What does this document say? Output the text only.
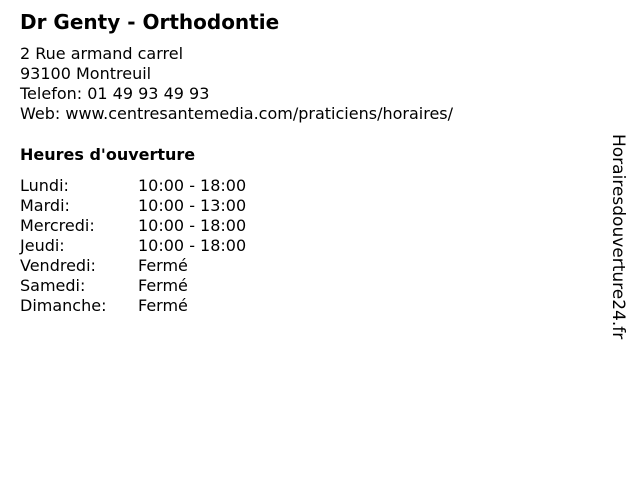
Dr Genty - Orthodontie
2 Rue armand carrel
93100 Montreuil
Telefon: 01 49 93 49 93
Web: www.centresantemedia.com/praticiens/horaires/
Heures d'ouverture
Lundi:	10:00 - 18:00
Mardi:	10:00 - 13:00
Mercredi:	10:00 - 18:00
Jeudi:	10:00 - 18:00
Vendredi:	Fermé
Samedi:	Fermé
Dimanche:	Fermé	Horairesdouverture24.fr
